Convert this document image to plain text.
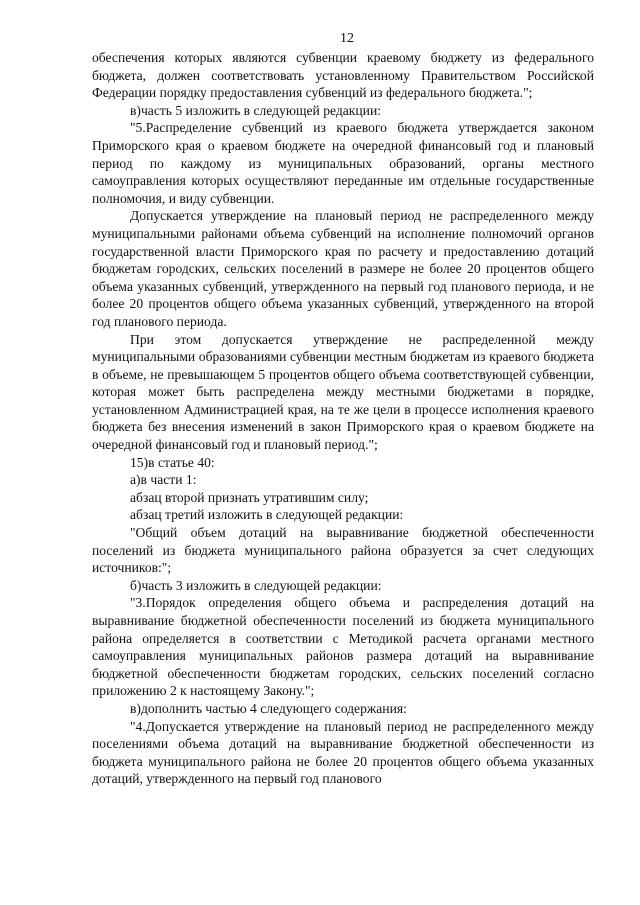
12

обеспечения которых являются субвенции краевому бюджету из федерального бюджета, должен соответствовать установленному Правительством Российской Федерации порядку предоставления субвенций из федерального бюджета.";

в)часть 5 изложить в следующей редакции:

"5.Распределение субвенций из краевого бюджета утверждается законом Приморского края о краевом бюджете на очередной финансовый год и плановый период по каждому из муниципальных образований, органы местного самоуправления которых осуществляют переданные им отдельные государственные полномочия, и виду субвенции.

Допускается утверждение на плановый период не распределенного между муниципальными районами объема субвенций на исполнение полномочий органов государственной власти Приморского края по расчету и предоставлению дотаций бюджетам городских, сельских поселений в размере не более 20 процентов общего объема указанных субвенций, утвержденного на первый год планового периода, и не более 20 процентов общего объема указанных субвенций, утвержденного на второй год планового периода.

При этом допускается утверждение не распределенной между муниципальными образованиями субвенции местным бюджетам из краевого бюджета в объеме, не превышающем 5 процентов общего объема соответствующей субвенции, которая может быть распределена между местными бюджетами в порядке, установленном Администрацией края, на те же цели в процессе исполнения краевого бюджета без внесения изменений в закон Приморского края о краевом бюджете на очередной финансовый год и плановый период.";

15)в статье 40:

а)в части 1:

абзац второй признать утратившим силу;

абзац третий изложить в следующей редакции:

"Общий объем дотаций на выравнивание бюджетной обеспеченности поселений из бюджета муниципального района образуется за счет следующих источников:";

б)часть 3 изложить в следующей редакции:

"3.Порядок определения общего объема и распределения дотаций на выравнивание бюджетной обеспеченности поселений из бюджета муниципального района определяется в соответствии с Методикой расчета органами местного самоуправления муниципальных районов размера дотаций на выравнивание бюджетной обеспеченности бюджетам городских, сельских поселений согласно приложению 2 к настоящему Закону.";

в)дополнить частью 4 следующего содержания:

"4.Допускается утверждение на плановый период не распределенного между поселениями объема дотаций на выравнивание бюджетной обеспеченности из бюджета муниципального района не более 20 процентов общего объема указанных дотаций, утвержденного на первый год планового
